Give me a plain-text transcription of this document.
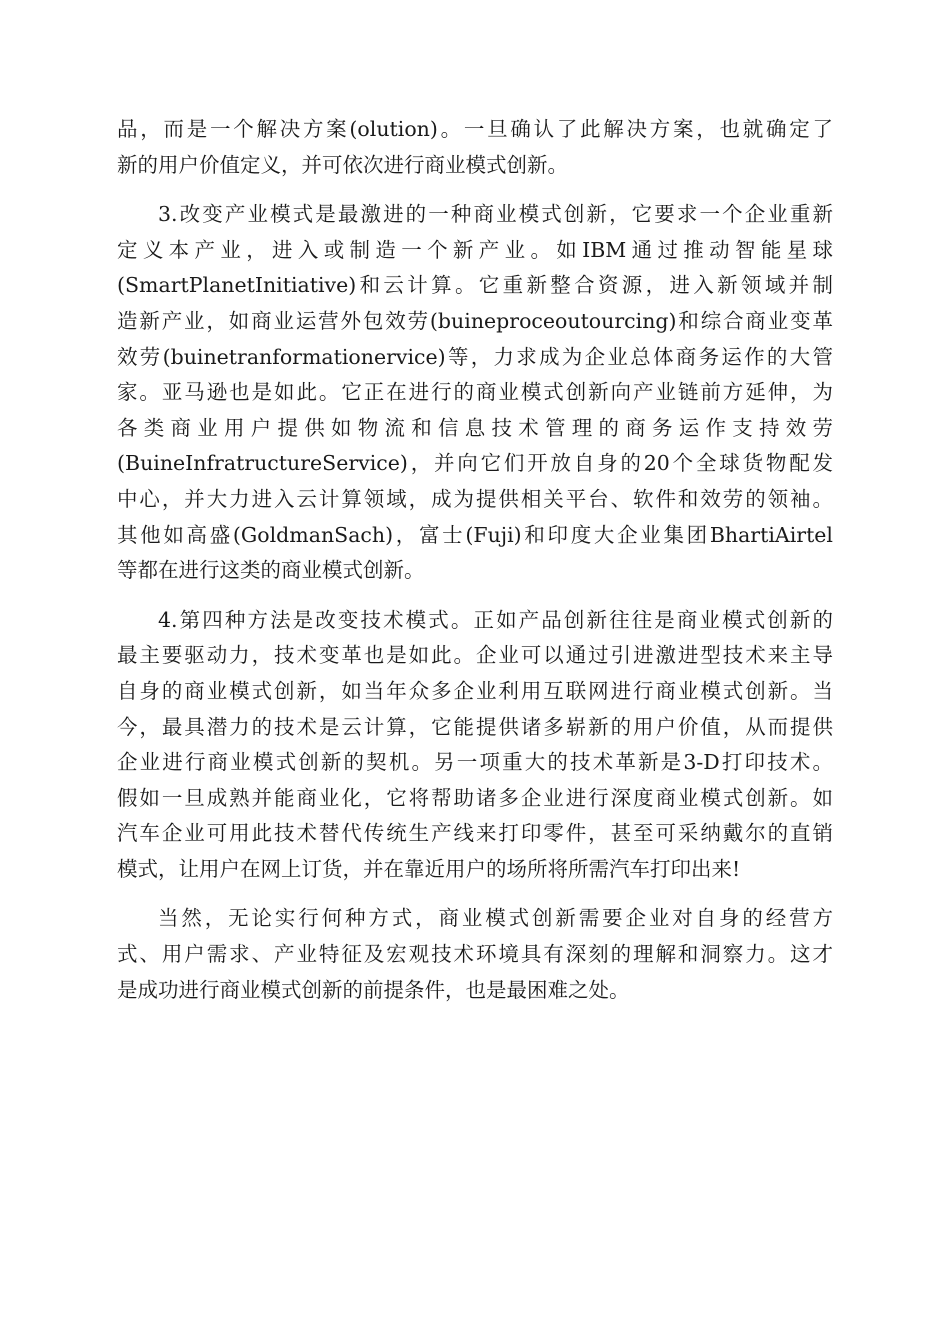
品，而是一个解决方案(olution)。一旦确认了此解决方案，也就确定了
新的用户价值定义，并可依次进行商业模式创新。

3.改变产业模式是最激进的一种商业模式创新，它要求一个企业重新
定义本产业，进入或制造一个新产业。如IBM通过推动智能星球
(SmartPlanetInitiative)和云计算。它重新整合资源，进入新领域并制
造新产业，如商业运营外包效劳(buineproceoutourcing)和综合商业变革
效劳(buinetranformationervice)等，力求成为企业总体商务运作的大管
家。亚马逊也是如此。它正在进行的商业模式创新向产业链前方延伸，为
各类商业用户提供如物流和信息技术管理的商务运作支持效劳
(BuineInfratructureService)，并向它们开放自身的20个全球货物配发
中心，并大力进入云计算领域，成为提供相关平台、软件和效劳的领袖。
其他如高盛(GoldmanSach)，富士(Fuji)和印度大企业集团BhartiAirtel
等都在进行这类的商业模式创新。

4.第四种方法是改变技术模式。正如产品创新往往是商业模式创新的
最主要驱动力，技术变革也是如此。企业可以通过引进激进型技术来主导
自身的商业模式创新，如当年众多企业利用互联网进行商业模式创新。当
今，最具潜力的技术是云计算，它能提供诸多崭新的用户价值，从而提供
企业进行商业模式创新的契机。另一项重大的技术革新是3-D打印技术。
假如一旦成熟并能商业化，它将帮助诸多企业进行深度商业模式创新。如
汽车企业可用此技术替代传统生产线来打印零件，甚至可采纳戴尔的直销
模式，让用户在网上订货，并在靠近用户的场所将所需汽车打印出来!

当然，无论实行何种方式，商业模式创新需要企业对自身的经营方
式、用户需求、产业特征及宏观技术环境具有深刻的理解和洞察力。这才
是成功进行商业模式创新的前提条件，也是最困难之处。
